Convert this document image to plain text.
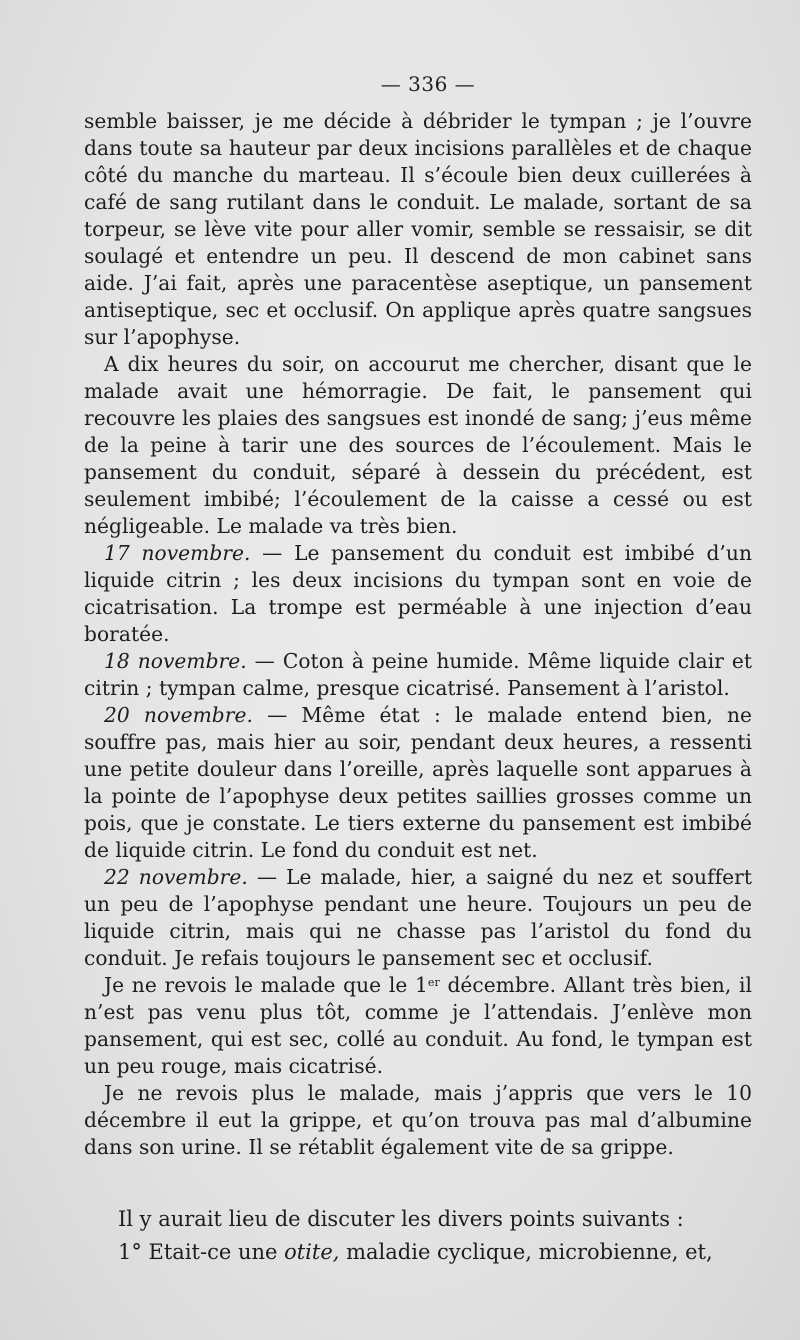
— 336 —

semble baisser, je me décide à débrider le tympan ; je l’ouvre dans toute sa hauteur par deux incisions parallèles et de chaque côté du manche du marteau. Il s’écoule bien deux cuillerées à café de sang rutilant dans le conduit. Le malade, sortant de sa torpeur, se lève vite pour aller vomir, semble se ressaisir, se dit soulagé et entendre un peu. Il descend de mon cabinet sans aide. J’ai fait, après une paracentèse aseptique, un pansement antiseptique, sec et occlusif. On applique après quatre sangsues sur l’apophyse.

A dix heures du soir, on accourut me chercher, disant que le malade avait une hémorragie. De fait, le pansement qui recouvre les plaies des sangsues est inondé de sang; j’eus même de la peine à tarir une des sources de l’écoulement. Mais le pansement du conduit, séparé à dessein du précédent, est seulement imbibé; l’écoulement de la caisse a cessé ou est négligeable. Le malade va très bien.

17 novembre. — Le pansement du conduit est imbibé d’un liquide citrin ; les deux incisions du tympan sont en voie de cicatrisation. La trompe est perméable à une injection d’eau boratée.

18 novembre. — Coton à peine humide. Même liquide clair et citrin ; tympan calme, presque cicatrisé. Pansement à l’aristol.

20 novembre. — Même état : le malade entend bien, ne souffre pas, mais hier au soir, pendant deux heures, a ressenti une petite douleur dans l’oreille, après laquelle sont apparues à la pointe de l’apophyse deux petites saillies grosses comme un pois, que je constate. Le tiers externe du pansement est imbibé de liquide citrin. Le fond du conduit est net.

22 novembre. — Le malade, hier, a saigné du nez et souffert un peu de l’apophyse pendant une heure. Toujours un peu de liquide citrin, mais qui ne chasse pas l’aristol du fond du conduit. Je refais toujours le pansement sec et occlusif.

Je ne revois le malade que le 1er décembre. Allant très bien, il n’est pas venu plus tôt, comme je l’attendais. J’enlève mon pansement, qui est sec, collé au conduit. Au fond, le tympan est un peu rouge, mais cicatrisé.

Je ne revois plus le malade, mais j’appris que vers le 10 décembre il eut la grippe, et qu’on trouva pas mal d’albumine dans son urine. Il se rétablit également vite de sa grippe.

Il y aurait lieu de discuter les divers points suivants :

1° Etait-ce une otite, maladie cyclique, microbienne, et,
